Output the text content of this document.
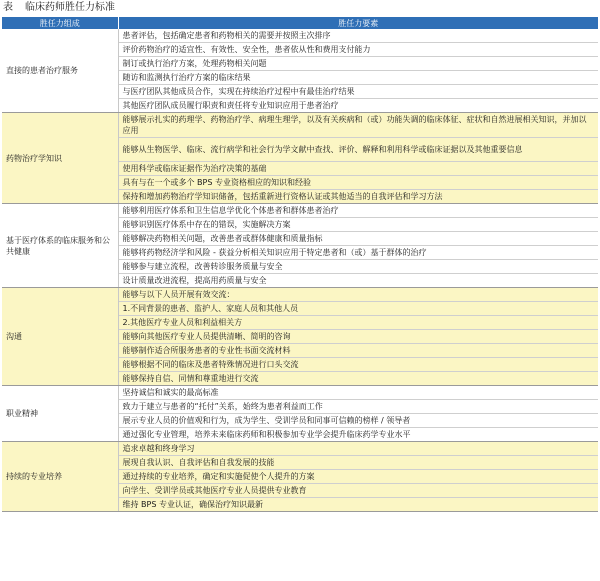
表 临床药师胜任力标准
胜任力组成	胜任力要素
直接的患者治疗服务	患者评估，包括确定患者和药物相关的需要并按照主次排序
	评价药物治疗的适宜性、有效性、安全性，患者依从性和费用支付能力
	制订或执行治疗方案，处理药物相关问题
	随访和监测执行治疗方案的临床结果
	与医疗团队其他成员合作，实现在持续治疗过程中有最佳治疗结果
	其他医疗团队成员履行职责和责任将专业知识应用于患者治疗
药物治疗学知识	能够展示扎实的药理学、药物治疗学、病理生理学，以及有关疾病和（或）功能失调的临床体征、症状和自然进展相关知识，并加以应用
	能够从生物医学、临床、流行病学和社会行为学文献中查找、评价、解释和利用科学或临床证据以及其他重要信息
	使用科学或临床证据作为治疗决策的基础
	具有与在一个或多个 BPS 专业资格相应的知识和经验
	保持和增加药物治疗学知识储备，包括重新进行资格认证或其他适当的自我评估和学习方法
基于医疗体系的临床服务和公共健康	能够利用医疗体系和卫生信息学优化个体患者和群体患者治疗
	能够识别医疗体系中存在的错误，实施解决方案
	能够解决药物相关问题，改善患者或群体健康和质量指标
	能够将药物经济学和风险 - 获益分析相关知识应用于特定患者和（或）基于群体的治疗
	能够参与建立流程，改善转诊服务质量与安全
	设计质量改进流程，提高用药质量与安全
沟通	能够与以下人员开展有效交流：
	1.不同背景的患者、监护人、家庭人员和其他人员
	2.其他医疗专业人员和利益相关方
	能够向其他医疗专业人员提供清晰、简明的咨询
	能够制作适合所服务患者的专业性书面交流材料
	能够根据不同的临床及患者特殊情况进行口头交流
	能够保持自信、同情和尊重地进行交流
职业精神	坚持诚信和诚实的最高标准
	致力于建立与患者的“托付”关系，始终为患者利益而工作
	展示专业人员的价值观和行为，成为学生、受训学员和同事可信赖的榜样 / 领导者
	通过强化专业管理，培养未来临床药师和积极参加专业学会提升临床药学专业水平
持续的专业培养	追求卓越和终身学习
	展现自我认识、自我评估和自我发展的技能
	通过持续的专业培养，确定和实施促使个人提升的方案
	向学生、受训学员或其他医疗专业人员提供专业教育
	维持 BPS 专业认证，确保治疗知识最新
